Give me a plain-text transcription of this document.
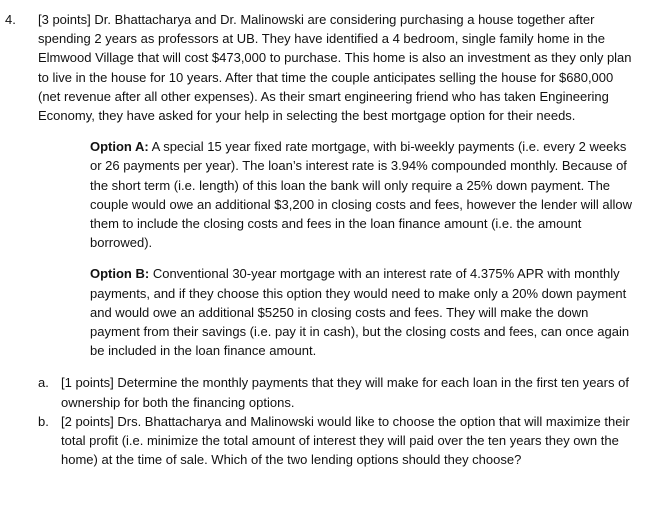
4.	[3 points] Dr. Bhattacharya and Dr. Malinowski are considering purchasing a house together after spending 2 years as professors at UB. They have identified a 4 bedroom, single family home in the Elmwood Village that will cost $473,000 to purchase. This home is also an investment as they only plan to live in the house for 10 years. After that time the couple anticipates selling the house for $680,000 (net revenue after all other expenses). As their smart engineering friend who has taken Engineering Economy, they have asked for your help in selecting the best mortgage option for their needs.
Option A: A special 15 year fixed rate mortgage, with bi-weekly payments (i.e. every 2 weeks or 26 payments per year). The loan’s interest rate is 3.94% compounded monthly. Because of the short term (i.e. length) of this loan the bank will only require a 25% down payment. The couple would owe an additional $3,200 in closing costs and fees, however the lender will allow them to include the closing costs and fees in the loan finance amount (i.e. the amount borrowed).
Option B: Conventional 30-year mortgage with an interest rate of 4.375% APR with monthly payments, and if they choose this option they would need to make only a 20% down payment and would owe an additional $5250 in closing costs and fees. They will make the down payment from their savings (i.e. pay it in cash), but the closing costs and fees, can once again be included in the loan finance amount.
a. [1 points] Determine the monthly payments that they will make for each loan in the first ten years of ownership for both the financing options.
b. [2 points] Drs. Bhattacharya and Malinowski would like to choose the option that will maximize their total profit (i.e. minimize the total amount of interest they will paid over the ten years they own the home) at the time of sale. Which of the two lending options should they choose?
